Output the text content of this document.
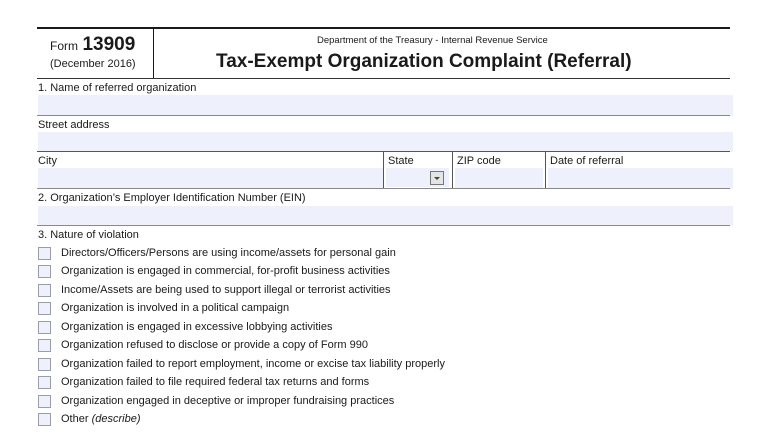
Form 13909
(December 2016)
Department of the Treasury - Internal Revenue Service
Tax-Exempt Organization Complaint (Referral)
1. Name of referred organization
Street address
City	State	ZIP code	Date of referral
2. Organization’s Employer Identification Number (EIN)
3. Nature of violation
Directors/Officers/Persons are using income/assets for personal gain
Organization is engaged in commercial, for-profit business activities
Income/Assets are being used to support illegal or terrorist activities
Organization is involved in a political campaign
Organization is engaged in excessive lobbying activities
Organization refused to disclose or provide a copy of Form 990
Organization failed to report employment, income or excise tax liability properly
Organization failed to file required federal tax returns and forms
Organization engaged in deceptive or improper fundraising practices
Other (describe)
